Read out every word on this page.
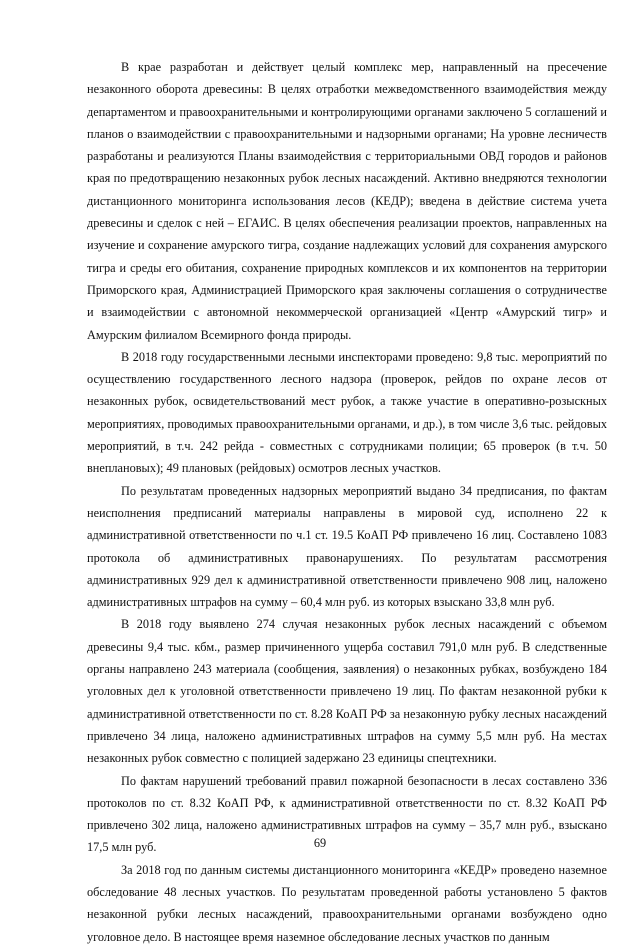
В крае разработан и действует целый комплекс мер, направленный на пресечение незаконного оборота древесины: В целях отработки межведомственного взаимодействия между департаментом и правоохранительными и контролирующими органами заключено 5 соглашений и планов о взаимодействии с правоохранительными и надзорными органами; На уровне лесничеств разработаны и реализуются Планы взаимодействия с территориальными ОВД городов и районов края по предотвращению незаконных рубок лесных насаждений. Активно внедряются технологии дистанционного мониторинга использования лесов (КЕДР); введена в действие система учета древесины и сделок с ней – ЕГАИС. В целях обеспечения реализации проектов, направленных на изучение и сохранение амурского тигра, создание надлежащих условий для сохранения амурского тигра и среды его обитания, сохранение природных комплексов и их компонентов на территории Приморского края, Администрацией Приморского края заключены соглашения о сотрудничестве и взаимодействии с автономной некоммерческой организацией «Центр «Амурский тигр» и Амурским филиалом Всемирного фонда природы.

В 2018 году государственными лесными инспекторами проведено: 9,8 тыс. мероприятий по осуществлению государственного лесного надзора (проверок, рейдов по охране лесов от незаконных рубок, освидетельствований мест рубок, а также участие в оперативно-розыскных мероприятиях, проводимых правоохранительными органами, и др.), в том числе 3,6 тыс. рейдовых мероприятий, в т.ч. 242 рейда - совместных с сотрудниками полиции; 65 проверок (в т.ч. 50 внеплановых); 49 плановых (рейдовых) осмотров лесных участков.

По результатам проведенных надзорных мероприятий выдано 34 предписания, по фактам неисполнения предписаний материалы направлены в мировой суд, исполнено 22 к административной ответственности по ч.1 ст. 19.5 КоАП РФ привлечено 16 лиц. Составлено 1083 протокола об административных правонарушениях. По результатам рассмотрения административных 929 дел к административной ответственности привлечено 908 лиц, наложено административных штрафов на сумму – 60,4 млн руб. из которых взыскано 33,8 млн руб.

В 2018 году выявлено 274 случая незаконных рубок лесных насаждений с объемом древесины 9,4 тыс. кбм., размер причиненного ущерба составил 791,0 млн руб. В следственные органы направлено 243 материала (сообщения, заявления) о незаконных рубках, возбуждено 184 уголовных дел к уголовной ответственности привлечено 19 лиц. По фактам незаконной рубки к административной ответственности по ст. 8.28 КоАП РФ за незаконную рубку лесных насаждений привлечено 34 лица, наложено административных штрафов на сумму 5,5 млн руб. На местах незаконных рубок совместно с полицией задержано 23 единицы спецтехники.

По фактам нарушений требований правил пожарной безопасности в лесах составлено 336 протоколов по ст. 8.32 КоАП РФ, к административной ответственности по ст. 8.32 КоАП РФ привлечено 302 лица, наложено административных штрафов на сумму – 35,7 млн руб., взыскано 17,5 млн руб.

За 2018 год по данным системы дистанционного мониторинга «КЕДР» проведено наземное обследование 48 лесных участков. По результатам проведенной работы установлено 5 фактов незаконной рубки лесных насаждений, правоохранительными органами возбуждено одно уголовное дело. В настоящее время наземное обследование лесных участков по данным

69
